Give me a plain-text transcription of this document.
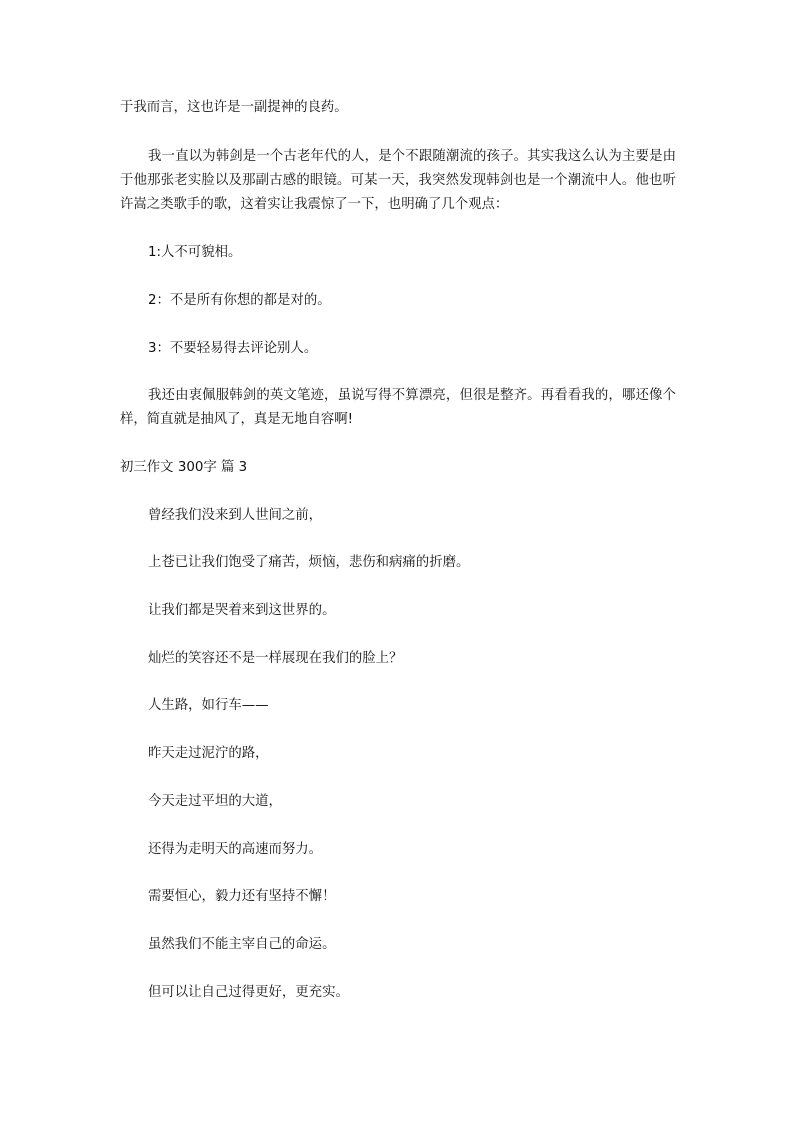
于我而言，这也许是一副提神的良药。

我一直以为韩剑是一个古老年代的人，是个不跟随潮流的孩子。其实我这么认为主要是由于他那张老实脸以及那副古感的眼镜。可某一天，我突然发现韩剑也是一个潮流中人。他也听许嵩之类歌手的歌，这着实让我震惊了一下，也明确了几个观点：

1:人不可貌相。

2：不是所有你想的都是对的。

3：不要轻易得去评论别人。

我还由衷佩服韩剑的英文笔迹，虽说写得不算漂亮，但很是整齐。再看看我的，哪还像个样，简直就是抽风了，真是无地自容啊!

初三作文 300字 篇 3

曾经我们没来到人世间之前，

上苍已让我们饱受了痛苦，烦恼，悲伤和病痛的折磨。

让我们都是哭着来到这世界的。

灿烂的笑容还不是一样展现在我们的脸上？

人生路，如行车——

昨天走过泥泞的路，

今天走过平坦的大道，

还得为走明天的高速而努力。

需要恒心，毅力还有坚持不懈！

虽然我们不能主宰自己的命运。

但可以让自己过得更好，更充实。
